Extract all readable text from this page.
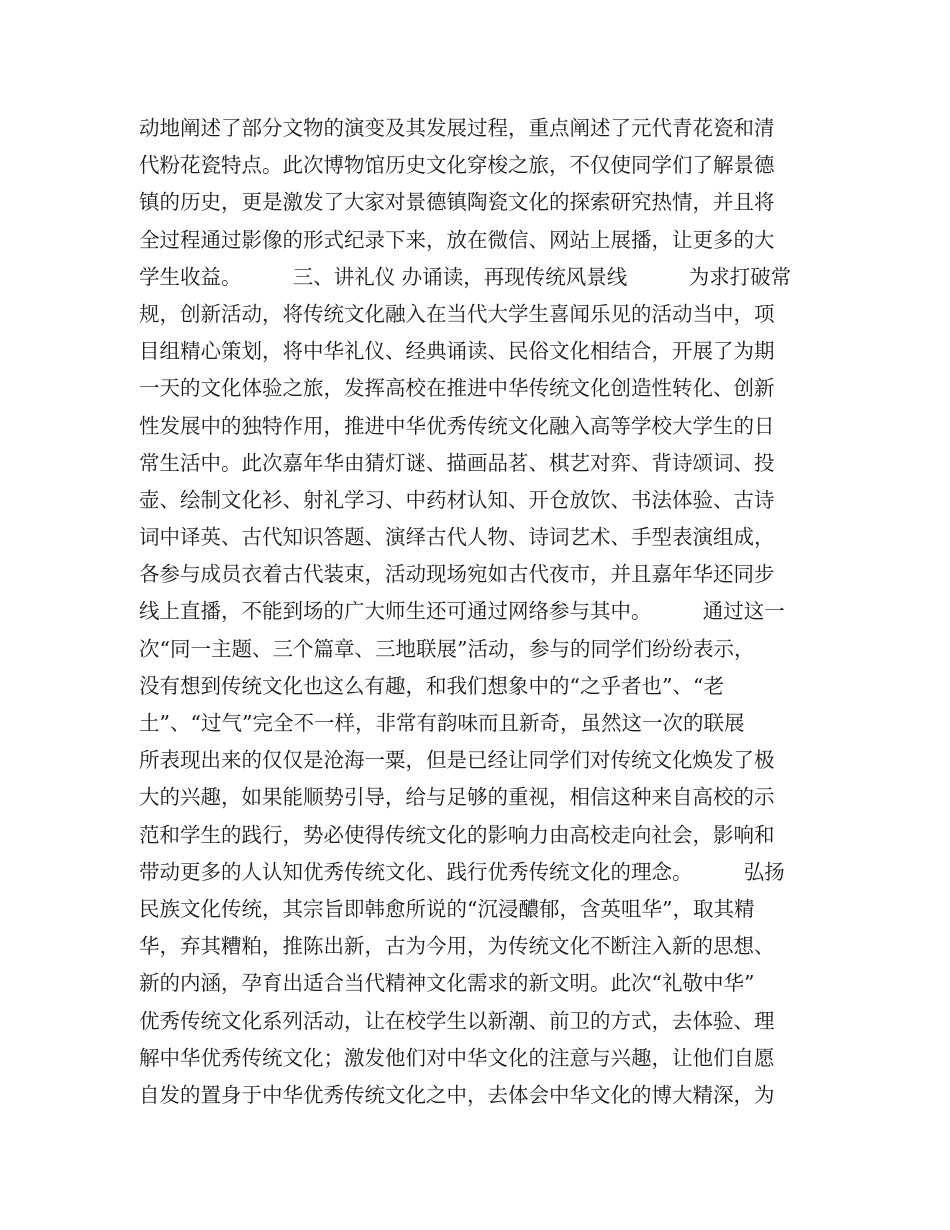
动地阐述了部分文物的演变及其发展过程，重点阐述了元代青花瓷和清
代粉花瓷特点。此次博物馆历史文化穿梭之旅，不仅使同学们了解景德
镇的历史，更是激发了大家对景德镇陶瓷文化的探索研究热情，并且将
全过程通过影像的形式纪录下来，放在微信、网站上展播，让更多的大
学生收益。　　　三、讲礼仪 办诵读，再现传统风景线　　　为求打破常
规，创新活动，将传统文化融入在当代大学生喜闻乐见的活动当中，项
目组精心策划，将中华礼仪、经典诵读、民俗文化相结合，开展了为期
一天的文化体验之旅，发挥高校在推进中华传统文化创造性转化、创新
性发展中的独特作用，推进中华优秀传统文化融入高等学校大学生的日
常生活中。此次嘉年华由猜灯谜、描画品茗、棋艺对弈、背诗颂词、投
壶、绘制文化衫、射礼学习、中药材认知、开仓放饮、书法体验、古诗
词中译英、古代知识答题、演绎古代人物、诗词艺术、手型表演组成，
各参与成员衣着古代装束，活动现场宛如古代夜市，并且嘉年华还同步
线上直播，不能到场的广大师生还可通过网络参与其中。　　　通过这一
次“同一主题、三个篇章、三地联展”活动，参与的同学们纷纷表示，
没有想到传统文化也这么有趣，和我们想象中的“之乎者也”、“老
土”、“过气”完全不一样，非常有韵味而且新奇，虽然这一次的联展
所表现出来的仅仅是沧海一粟，但是已经让同学们对传统文化焕发了极
大的兴趣，如果能顺势引导，给与足够的重视，相信这种来自高校的示
范和学生的践行，势必使得传统文化的影响力由高校走向社会，影响和
带动更多的人认知优秀传统文化、践行优秀传统文化的理念。　　　弘扬
民族文化传统，其宗旨即韩愈所说的“沉浸醲郁，含英咀华”，取其精
华，弃其糟粕，推陈出新，古为今用，为传统文化不断注入新的思想、
新的内涵，孕育出适合当代精神文化需求的新文明。此次“礼敬中华”
优秀传统文化系列活动，让在校学生以新潮、前卫的方式，去体验、理
解中华优秀传统文化；激发他们对中华文化的注意与兴趣，让他们自愿
自发的置身于中华优秀传统文化之中，去体会中华文化的博大精深，为
